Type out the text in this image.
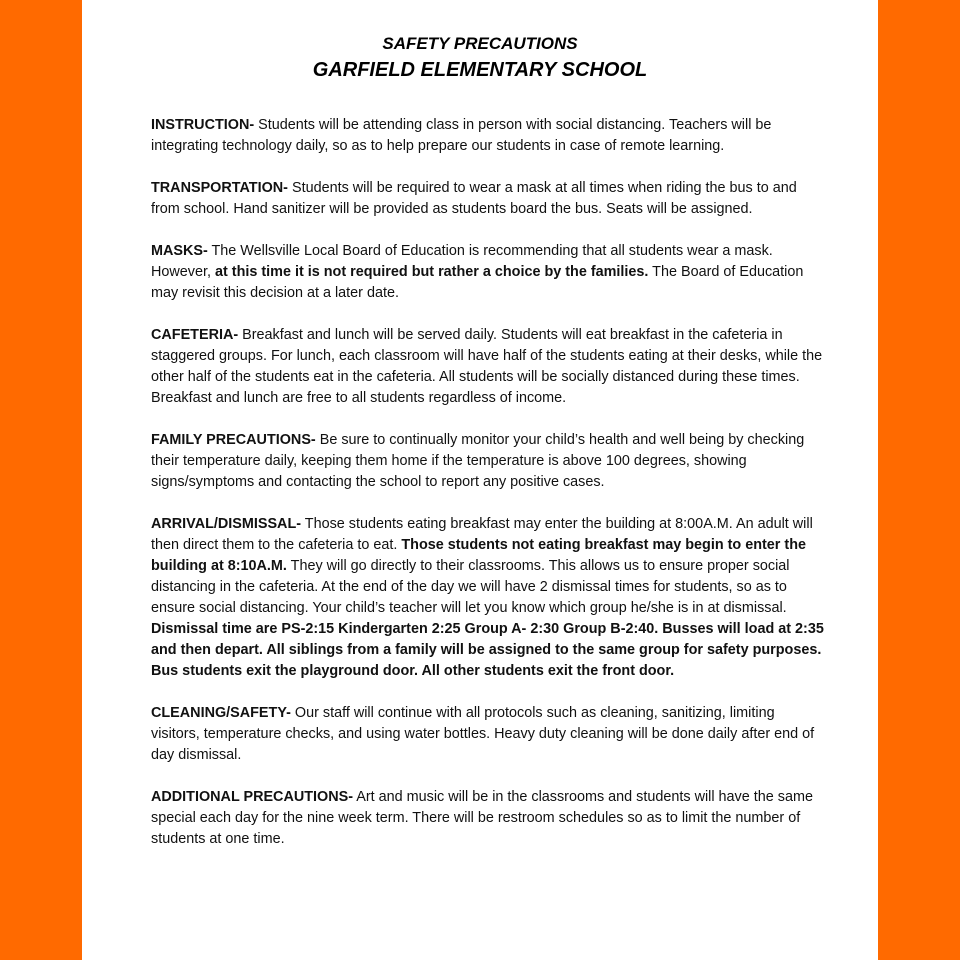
SAFETY PRECAUTIONS
GARFIELD ELEMENTARY SCHOOL

INSTRUCTION- Students will be attending class in person with social distancing. Teachers will be integrating technology daily, so as to help prepare our students in case of remote learning.

TRANSPORTATION- Students will be required to wear a mask at all times when riding the bus to and from school. Hand sanitizer will be provided as students board the bus. Seats will be assigned.

MASKS- The Wellsville Local Board of Education is recommending that all students wear a mask. However, at this time it is not required but rather a choice by the families. The Board of Education may revisit this decision at a later date.

CAFETERIA- Breakfast and lunch will be served daily. Students will eat breakfast in the cafeteria in staggered groups. For lunch, each classroom will have half of the students eating at their desks, while the other half of the students eat in the cafeteria. All students will be socially distanced during these times. Breakfast and lunch are free to all students regardless of income.

FAMILY PRECAUTIONS- Be sure to continually monitor your child’s health and well being by checking their temperature daily, keeping them home if the temperature is above 100 degrees, showing signs/symptoms and contacting the school to report any positive cases.

ARRIVAL/DISMISSAL- Those students eating breakfast may enter the building at 8:00A.M. An adult will then direct them to the cafeteria to eat. Those students not eating breakfast may begin to enter the building at 8:10A.M. They will go directly to their classrooms. This allows us to ensure proper social distancing in the cafeteria. At the end of the day we will have 2 dismissal times for students, so as to ensure social distancing. Your child’s teacher will let you know which group he/she is in at dismissal. Dismissal time are PS-2:15 Kindergarten 2:25 Group A- 2:30 Group B-2:40. Busses will load at 2:35 and then depart. All siblings from a family will be assigned to the same group for safety purposes. Bus students exit the playground door. All other students exit the front door.

CLEANING/SAFETY- Our staff will continue with all protocols such as cleaning, sanitizing, limiting visitors, temperature checks, and using water bottles. Heavy duty cleaning will be done daily after end of day dismissal.

ADDITIONAL PRECAUTIONS- Art and music will be in the classrooms and students will have the same special each day for the nine week term. There will be restroom schedules so as to limit the number of students at one time.
